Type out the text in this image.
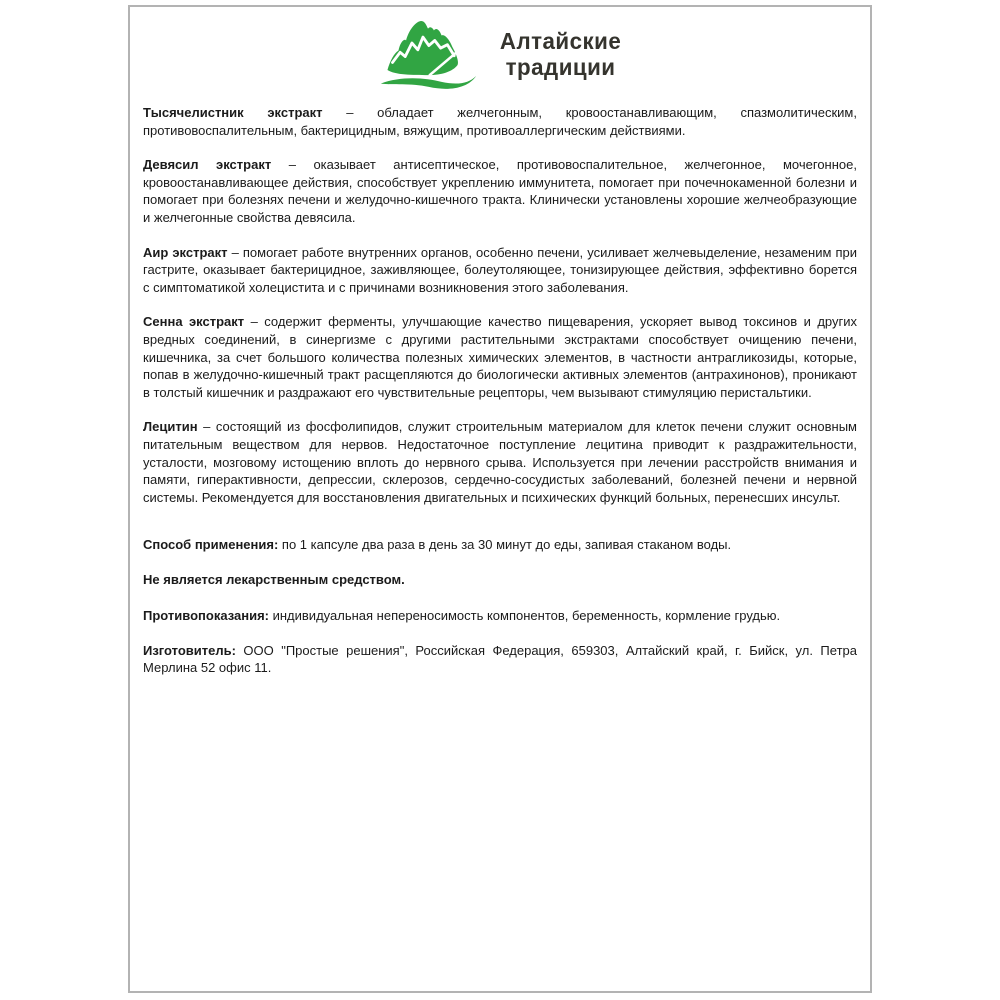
Алтайские
традиции

Тысячелистник экстракт – обладает желчегонным, кровоостанавливающим, спазмолитическим, противовоспалительным, бактерицидным, вяжущим, противоаллергическим действиями.

Девясил экстракт – оказывает антисептическое, противовоспалительное, желчегонное, мочегонное, кровоостанавливающее действия, способствует укреплению иммунитета, помогает при почечнокаменной болезни и помогает при болезнях печени и желудочно-кишечного тракта. Клинически установлены хорошие желчеобразующие и желчегонные свойства девясила.

Аир экстракт – помогает работе внутренних органов, особенно печени, усиливает желчевыделение, незаменим при гастрите, оказывает бактерицидное, заживляющее, болеутоляющее, тонизирующее действия, эффективно борется с симптоматикой холецистита и с причинами возникновения этого заболевания.

Сенна экстракт – содержит ферменты, улучшающие качество пищеварения, ускоряет вывод токсинов и других вредных соединений, в синергизме с другими растительными экстрактами способствует очищению печени, кишечника, за счет большого количества полезных химических элементов, в частности антрагликозиды, которые, попав в желудочно-кишечный тракт расщепляются до биологически активных элементов (антрахинонов), проникают в толстый кишечник и раздражают его чувствительные рецепторы, чем вызывают стимуляцию перистальтики.

Лецитин – состоящий из фосфолипидов, служит строительным материалом для клеток печени служит основным питательным веществом для нервов. Недостаточное поступление лецитина приводит к раздражительности, усталости, мозговому истощению вплоть до нервного срыва. Используется при лечении расстройств внимания и памяти, гиперактивности, депрессии, склерозов, сердечно-сосудистых заболеваний, болезней печени и нервной системы. Рекомендуется для восстановления двигательных и психических функций больных, перенесших инсульт.

Способ применения: по 1 капсуле два раза в день за 30 минут до еды, запивая стаканом воды.

Не является лекарственным средством.

Противопоказания: индивидуальная непереносимость компонентов, беременность, кормление грудью.

Изготовитель: ООО "Простые решения", Российская Федерация, 659303, Алтайский край, г. Бийск, ул. Петра Мерлина 52 офис 11.
